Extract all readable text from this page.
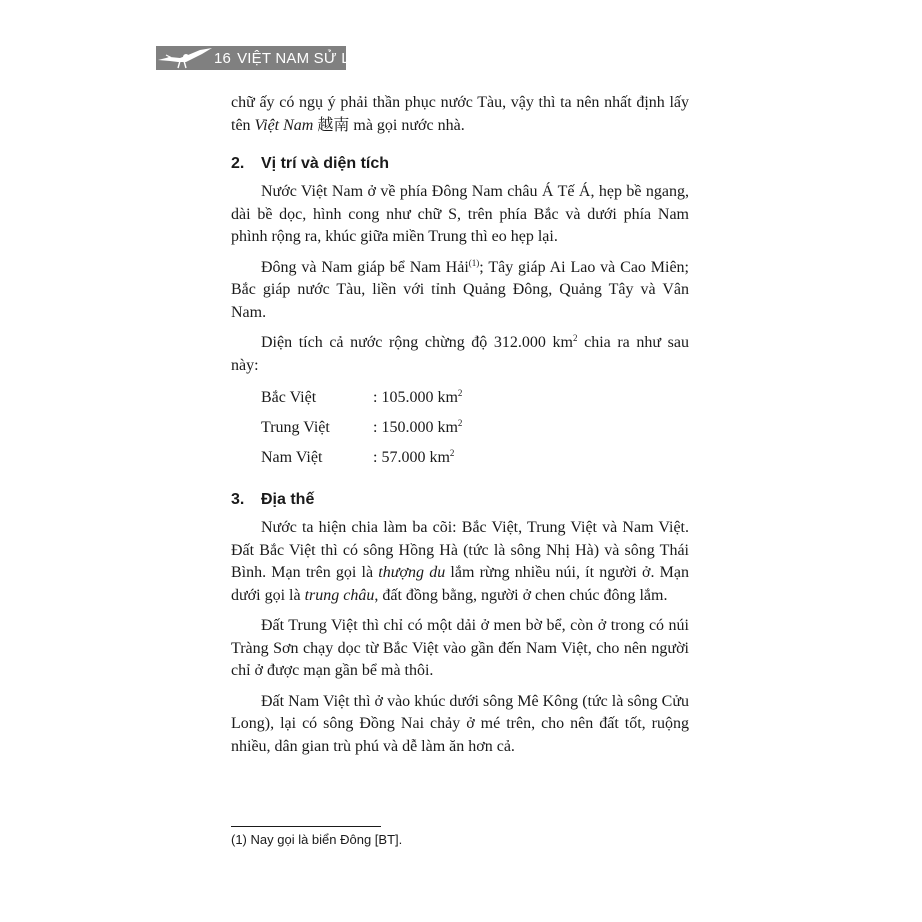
16 VIỆT NAM SỬ LƯỢC

chữ ấy có ngụ ý phải thần phục nước Tàu, vậy thì ta nên nhất định lấy tên Việt Nam 越南 mà gọi nước nhà.

2. Vị trí và diện tích

Nước Việt Nam ở về phía Đông Nam châu Á Tế Á, hẹp bề ngang, dài bề dọc, hình cong như chữ S, trên phía Bắc và dưới phía Nam phình rộng ra, khúc giữa miền Trung thì eo hẹp lại.

Đông và Nam giáp bể Nam Hải$^{(1)}$; Tây giáp Ai Lao và Cao Miên; Bắc giáp nước Tàu, liền với tỉnh Quảng Đông, Quảng Tây và Vân Nam.

Diện tích cả nước rộng chừng độ 312.000 $km^2$ chia ra như sau này:

Bắc Việt	: 105.000 $km^2$
Trung Việt	: 150.000 $km^2$
Nam Việt	: 57.000 $km^2$
3. Địa thế

Nước ta hiện chia làm ba cõi: Bắc Việt, Trung Việt và Nam Việt. Đất Bắc Việt thì có sông Hồng Hà (tức là sông Nhị Hà) và sông Thái Bình. Mạn trên gọi là thượng du lắm rừng nhiều núi, ít người ở. Mạn dưới gọi là trung châu, đất đồng bằng, người ở chen chúc đông lắm.

Đất Trung Việt thì chỉ có một dải ở men bờ bể, còn ở trong có núi Tràng Sơn chạy dọc từ Bắc Việt vào gần đến Nam Việt, cho nên người chỉ ở được mạn gần bể mà thôi.

Đất Nam Việt thì ở vào khúc dưới sông Mê Kông (tức là sông Cửu Long), lại có sông Đồng Nai chảy ở mé trên, cho nên đất tốt, ruộng nhiều, dân gian trù phú và dễ làm ăn hơn cả.

(1) Nay gọi là biển Đông [BT].
